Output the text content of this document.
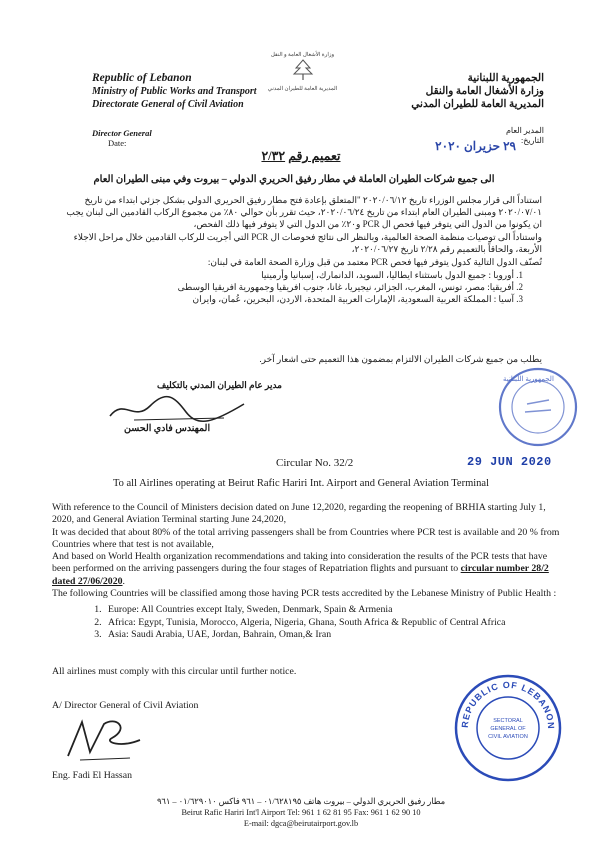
Republic of Lebanon
Ministry of Public Works and Transport
Directorate General of Civil Aviation
وزارة الأشغال العامة و النقل
المديرية العامة للطيران المدني
الجمهورية اللبنانية
وزارة الأشغال العامة والنقل
المديرية العامة للطيران المدني
Director General
Date:
المدير العام
التاريخ:
٢٩ حزيران ٢٠٢٠
تعميم رقم ٢/٣٢
الى جميع شركات الطيران العاملة في مطار رفيق الحريري الدولي – بيروت وفي مبنى الطيران العام

استناداً الى قرار مجلس الوزراء تاريخ ٢٠٢٠/٠٦/١٢ "المتعلق بإعادة فتح مطار رفيق الحريري الدولي بشكل جزئي ابتداء من تاريخ ٢٠٢٠/٠٧/٠١ ومبنى الطيران العام ابتداء من تاريخ ٢٠٢٠/٠٦/٢٤، حيث تقرر بأن حوالي ٨٠٪ من مجموع الركاب القادمين الى لبنان يجب ان يكونوا من الدول التي يتوفر فيها فحص ال PCR و٢٠٪ من الدول التي لا يتوفر فيها ذلك الفحص،

واستناداً الى توصيات منظمة الصحة العالمية، وبالنظر الى نتائج فحوصات ال PCR التي أجريت للركاب القادمين خلال مراحل الاجلاء الأربعة، والحاقاً بالتعميم رقم ٢/٢٨ تاريخ ٢٠٢٠/٠٦/٢٧،

تُصنّف الدول التالية كدول يتوفر فيها فحص PCR معتمد من قبل وزارة الصحة العامة في لبنان:

1. أوروبا : جميع الدول باستثناء ايطاليا، السويد، الدانمارك، إسبانيا وأرمينيا
2. أفريقيا: مصر، تونس، المغرب، الجزائر، نيجيريا، غانا، جنوب افريقيا وجمهورية افريقيا الوسطى
3. آسيا : المملكة العربية السعودية، الإمارات العربية المتحدة، الاردن، البحرين، عُمان، وايران
يطلب من جميع شركات الطيران الالتزام بمضمون هذا التعميم حتى اشعار آخر.
مدير عام الطيران المدني بالتكليف
المهندس فادي الحسن
الجمهورية اللبنانية
Circular No. 32/2	29 JUN 2020
To all Airlines operating at Beirut Rafic Hariri Int. Airport and General Aviation Terminal

With reference to the Council of Ministers decision dated on June 12,2020, regarding the reopening of BRHIA starting July 1, 2020, and General Aviation Terminal starting June 24,2020,

It was decided that about 80% of the total arriving passengers shall be from Countries where PCR test is available and 20 % from Countries where that test is not available,

And based on World Health organization recommendations and taking into consideration the results of the PCR tests that have been performed on the arriving passengers during the four stages of Repatriation flights and pursuant to circular number 28/2 dated 27/06/2020.

The following Countries will be classified among those having PCR tests accredited by the Lebanese Ministry of Public Health :

1. Europe: All Countries except Italy, Sweden, Denmark, Spain & Armenia
2. Africa: Egypt, Tunisia, Morocco, Algeria, Nigeria, Ghana, South Africa & Republic of Central Africa
3. Asia: Saudi Arabia, UAE, Jordan, Bahrain, Oman,& Iran
All airlines must comply with this circular until further notice.
A/ Director General of Civil Aviation
Eng. Fadi El Hassan
REPUBLIC OF LEBANON
SECTORAL
GENERAL OF
CIVIL AVIATION
مطار رفيق الحريري الدولي – بيروت هاتف ٠١/٦٢٨١٩٥ – ٩٦١ فاكس ٠١/٦٢٩٠١٠ – ٩٦١
Beirut Rafic Hariri Int'l Airport Tel: 961 1 62 81 95 Fax: 961 1 62 90 10
E-mail: dgca@beirutairport.gov.lb
